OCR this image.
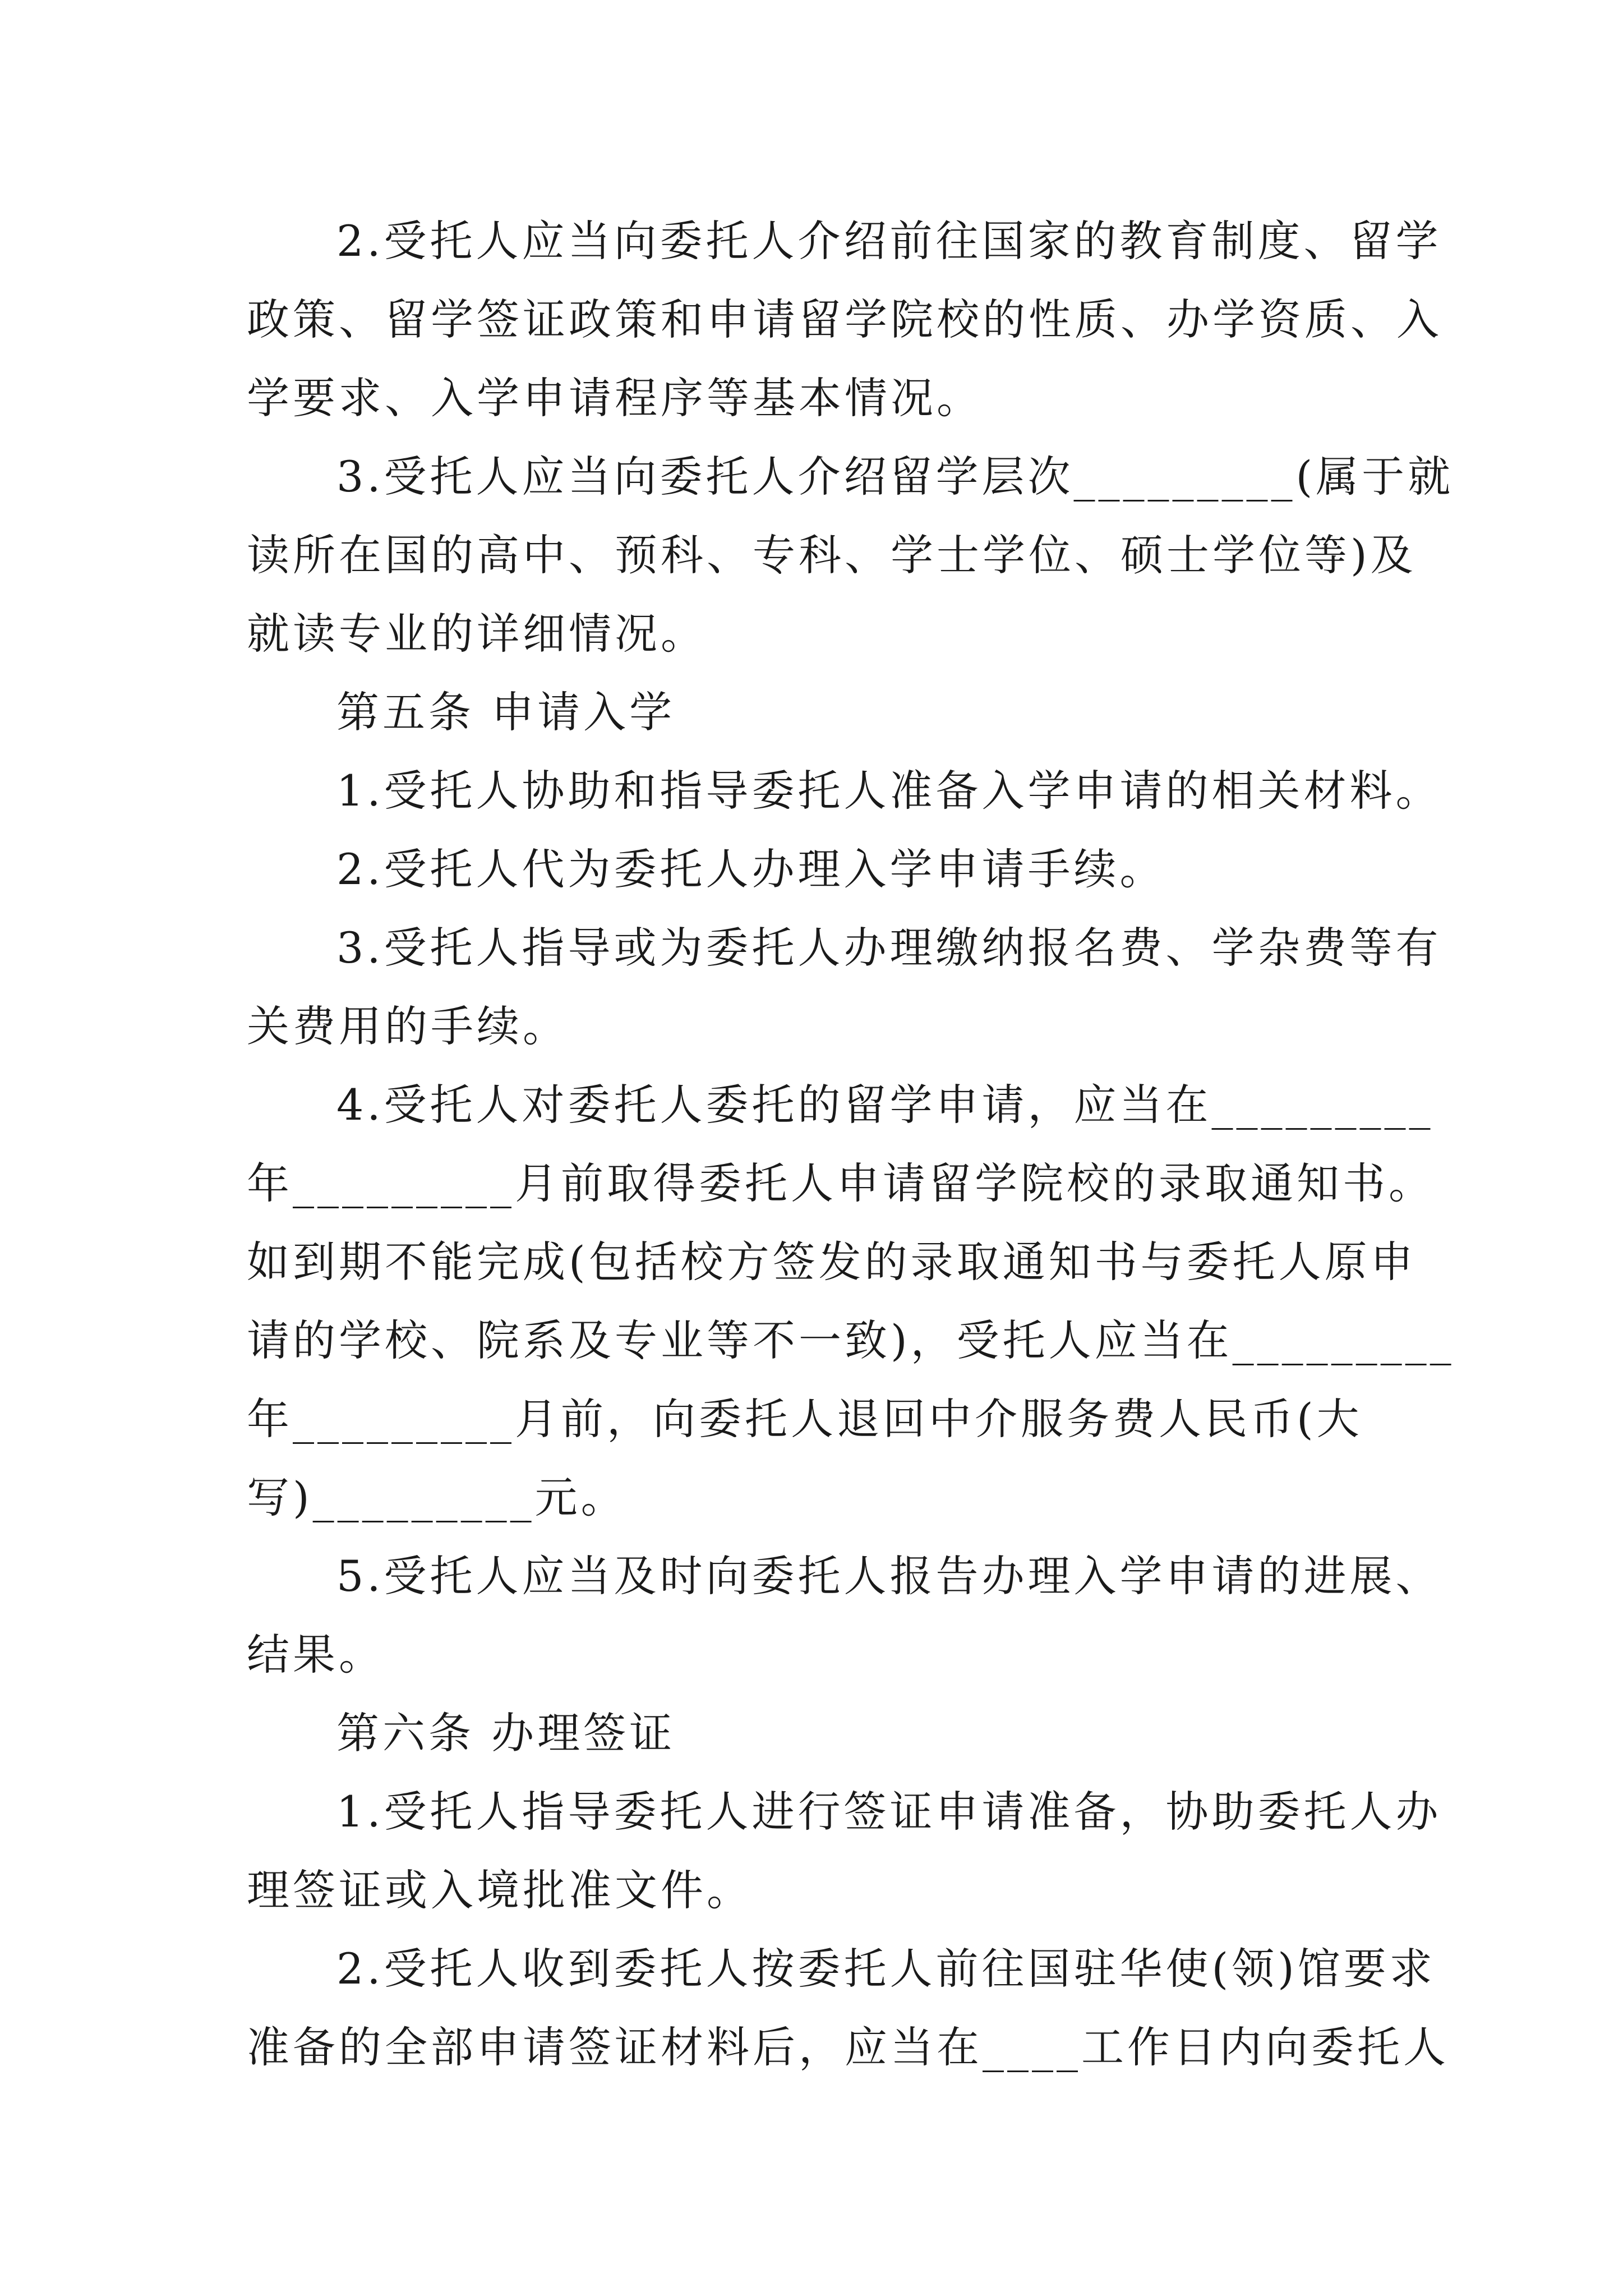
2.受托人应当向委托人介绍前往国家的教育制度、留学
政策、留学签证政策和申请留学院校的性质、办学资质、入
学要求、入学申请程序等基本情况。
3.受托人应当向委托人介绍留学层次_________(属于就
读所在国的高中、预科、专科、学士学位、硕士学位等)及
就读专业的详细情况。
第五条 申请入学
1.受托人协助和指导委托人准备入学申请的相关材料。
2.受托人代为委托人办理入学申请手续。
3.受托人指导或为委托人办理缴纳报名费、学杂费等有
关费用的手续。
4.受托人对委托人委托的留学申请，应当在_________
年_________月前取得委托人申请留学院校的录取通知书。
如到期不能完成(包括校方签发的录取通知书与委托人原申
请的学校、院系及专业等不一致)，受托人应当在_________
年_________月前，向委托人退回中介服务费人民币(大
写)_________元。
5.受托人应当及时向委托人报告办理入学申请的进展、
结果。
第六条 办理签证
1.受托人指导委托人进行签证申请准备，协助委托人办
理签证或入境批准文件。
2.受托人收到委托人按委托人前往国驻华使(领)馆要求
准备的全部申请签证材料后，应当在____工作日内向委托人
